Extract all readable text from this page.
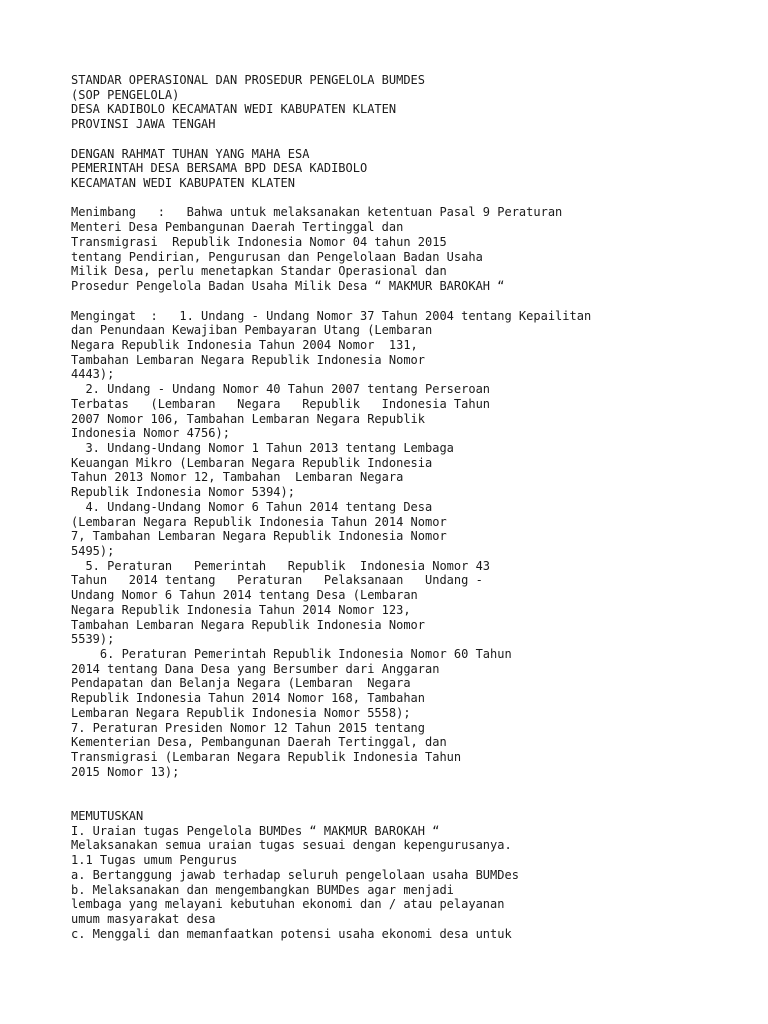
STANDAR OPERASIONAL DAN PROSEDUR PENGELOLA BUMDES
(SOP PENGELOLA)
DESA KADIBOLO KECAMATAN WEDI KABUPATEN KLATEN
PROVINSI JAWA TENGAH

DENGAN RAHMAT TUHAN YANG MAHA ESA
PEMERINTAH DESA BERSAMA BPD DESA KADIBOLO
KECAMATAN WEDI KABUPATEN KLATEN

Menimbang   :   Bahwa untuk melaksanakan ketentuan Pasal 9 Peraturan
Menteri Desa Pembangunan Daerah Tertinggal dan
Transmigrasi  Republik Indonesia Nomor 04 tahun 2015
tentang Pendirian, Pengurusan dan Pengelolaan Badan Usaha
Milik Desa, perlu menetapkan Standar Operasional dan
Prosedur Pengelola Badan Usaha Milik Desa “ MAKMUR BAROKAH “

Mengingat  :   1. Undang - Undang Nomor 37 Tahun 2004 tentang Kepailitan
dan Penundaan Kewajiban Pembayaran Utang (Lembaran
Negara Republik Indonesia Tahun 2004 Nomor  131,
Tambahan Lembaran Negara Republik Indonesia Nomor
4443);
2. Undang - Undang Nomor 40 Tahun 2007 tentang Perseroan
Terbatas   (Lembaran   Negara   Republik   Indonesia Tahun
2007 Nomor 106, Tambahan Lembaran Negara Republik
Indonesia Nomor 4756);
3. Undang-Undang Nomor 1 Tahun 2013 tentang Lembaga
Keuangan Mikro (Lembaran Negara Republik Indonesia
Tahun 2013 Nomor 12, Tambahan  Lembaran Negara
Republik Indonesia Nomor 5394);
4. Undang-Undang Nomor 6 Tahun 2014 tentang Desa
(Lembaran Negara Republik Indonesia Tahun 2014 Nomor
7, Tambahan Lembaran Negara Republik Indonesia Nomor
5495);
5. Peraturan   Pemerintah   Republik  Indonesia Nomor 43
Tahun   2014 tentang   Peraturan   Pelaksanaan   Undang -
Undang Nomor 6 Tahun 2014 tentang Desa (Lembaran
Negara Republik Indonesia Tahun 2014 Nomor 123,
Tambahan Lembaran Negara Republik Indonesia Nomor
5539);
6. Peraturan Pemerintah Republik Indonesia Nomor 60 Tahun
2014 tentang Dana Desa yang Bersumber dari Anggaran
Pendapatan dan Belanja Negara (Lembaran  Negara
Republik Indonesia Tahun 2014 Nomor 168, Tambahan
Lembaran Negara Republik Indonesia Nomor 5558);
7. Peraturan Presiden Nomor 12 Tahun 2015 tentang
Kementerian Desa, Pembangunan Daerah Tertinggal, dan
Transmigrasi (Lembaran Negara Republik Indonesia Tahun
2015 Nomor 13);

MEMUTUSKAN
I. Uraian tugas Pengelola BUMDes “ MAKMUR BAROKAH “
Melaksanakan semua uraian tugas sesuai dengan kepengurusanya.
1.1 Tugas umum Pengurus
a. Bertanggung jawab terhadap seluruh pengelolaan usaha BUMDes
b. Melaksanakan dan mengembangkan BUMDes agar menjadi
lembaga yang melayani kebutuhan ekonomi dan / atau pelayanan
umum masyarakat desa
c. Menggali dan memanfaatkan potensi usaha ekonomi desa untuk
